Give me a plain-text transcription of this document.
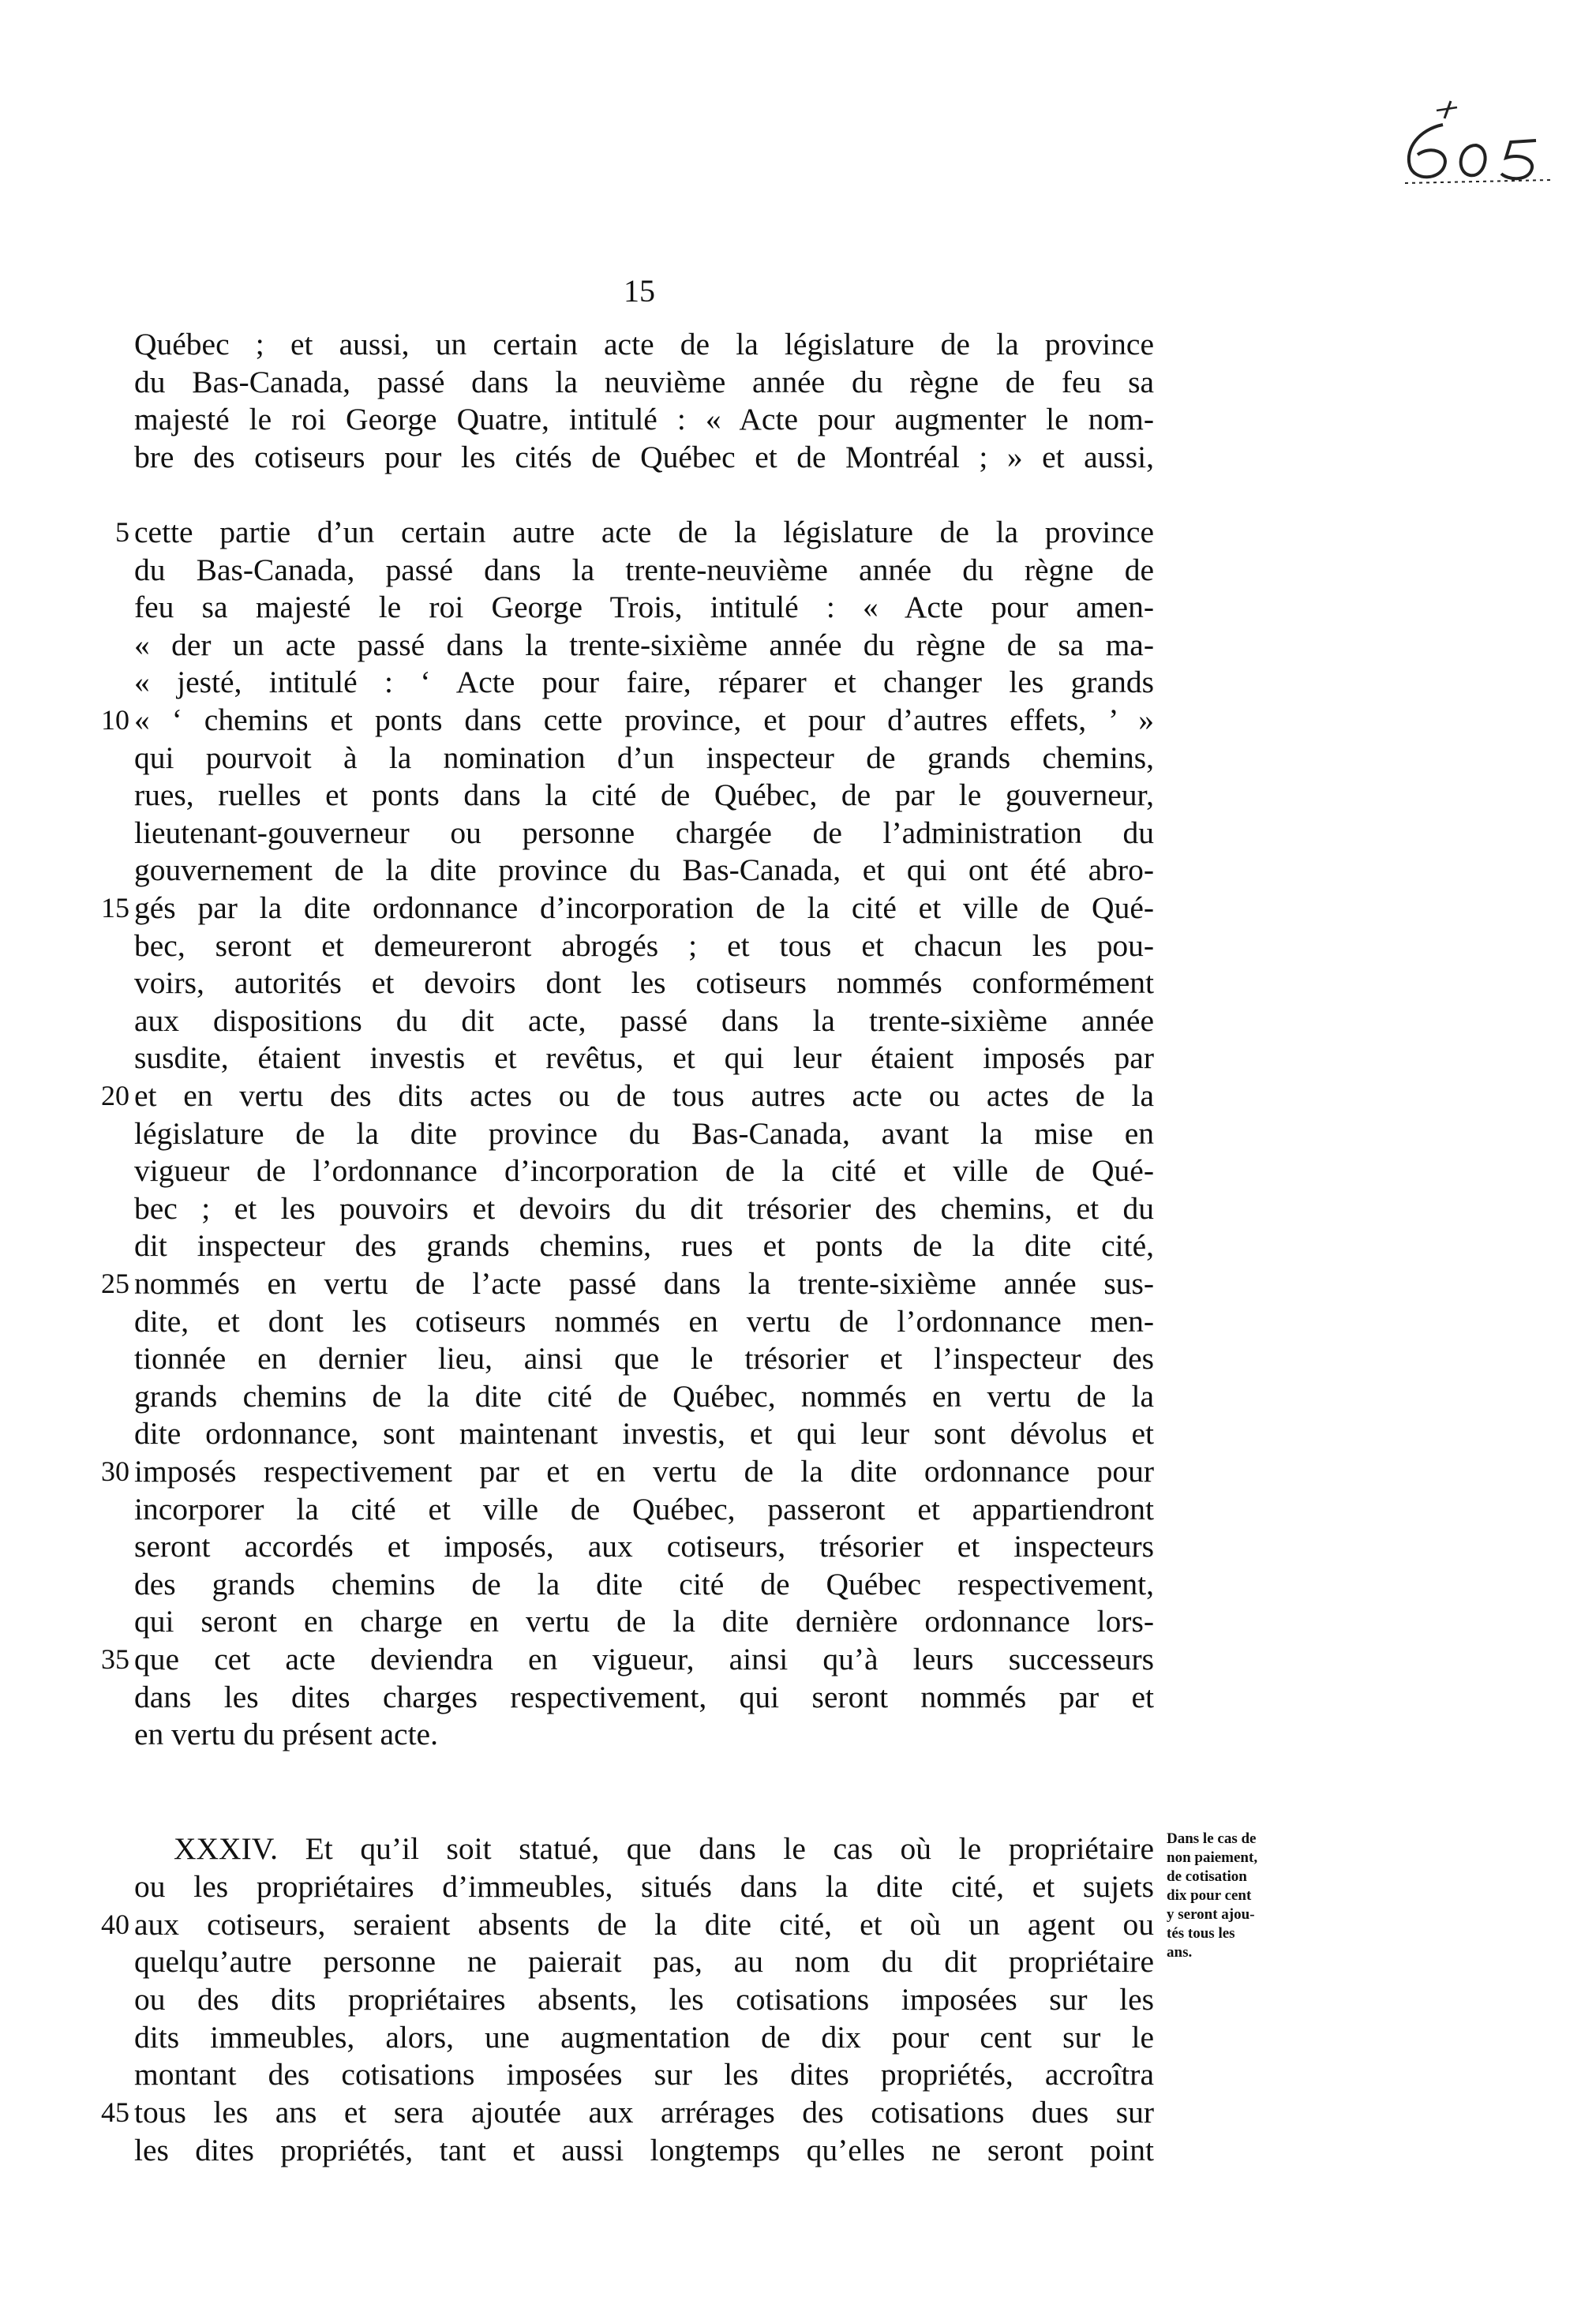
15
5
10
15
20
25
30
35
40
45
Québec ; et aussi, un certain acte de la législature de la province
du Bas-Canada, passé dans la neuvième année du règne de feu sa
majesté le roi George Quatre, intitulé : « Acte pour augmenter le nom-
bre des cotiseurs pour les cités de Québec et de Montréal ; » et aussi,
cette partie d’un certain autre acte de la législature de la province
du Bas-Canada, passé dans la trente-neuvième année du règne de
feu sa majesté le roi George Trois, intitulé : « Acte pour amen-
« der un acte passé dans la trente-sixième année du règne de sa ma-
« jesté, intitulé : ‘ Acte pour faire, réparer et changer les grands
« ‘ chemins et ponts dans cette province, et pour d’autres effets, ’ »
qui pourvoit à la nomination d’un inspecteur de grands chemins,
rues, ruelles et ponts dans la cité de Québec, de par le gouverneur,
lieutenant-gouverneur ou personne chargée de l’administration du
gouvernement de la dite province du Bas-Canada, et qui ont été abro-
gés par la dite ordonnance d’incorporation de la cité et ville de Qué-
bec, seront et demeureront abrogés ; et tous et chacun les pou-
voirs, autorités et devoirs dont les cotiseurs nommés conformément
aux dispositions du dit acte, passé dans la trente-sixième année
susdite, étaient investis et revêtus, et qui leur étaient imposés par
et en vertu des dits actes ou de tous autres acte ou actes de la
législature de la dite province du Bas-Canada, avant la mise en
vigueur de l’ordonnance d’incorporation de la cité et ville de Qué-
bec ; et les pouvoirs et devoirs du dit trésorier des chemins, et du
dit inspecteur des grands chemins, rues et ponts de la dite cité,
nommés en vertu de l’acte passé dans la trente-sixième année sus-
dite, et dont les cotiseurs nommés en vertu de l’ordonnance men-
tionnée en dernier lieu, ainsi que le trésorier et l’inspecteur des
grands chemins de la dite cité de Québec, nommés en vertu de la
dite ordonnance, sont maintenant investis, et qui leur sont dévolus et
imposés respectivement par et en vertu de la dite ordonnance pour
incorporer la cité et ville de Québec, passeront et appartiendront
seront accordés et imposés, aux cotiseurs, trésorier et inspecteurs
des grands chemins de la dite cité de Québec respectivement,
qui seront en charge en vertu de la dite dernière ordonnance lors-
que cet acte deviendra en vigueur, ainsi qu’à leurs successeurs
dans les dites charges respectivement, qui seront nommés par et
en vertu du présent acte.
XXXIV. Et qu’il soit statué, que dans le cas où le propriétaire
ou les propriétaires d’immeubles, situés dans la dite cité, et sujets
aux cotiseurs, seraient absents de la dite cité, et où un agent ou
quelqu’autre personne ne paierait pas, au nom du dit propriétaire
ou des dits propriétaires absents, les cotisations imposées sur les
dits immeubles, alors, une augmentation de dix pour cent sur le
montant des cotisations imposées sur les dites propriétés, accroîtra
tous les ans et sera ajoutée aux arrérages des cotisations dues sur
les dites propriétés, tant et aussi longtemps qu’elles ne seront point
Dans le cas de
non paiement,
de cotisation
dix pour cent
y seront ajou-
tés tous les
ans.
